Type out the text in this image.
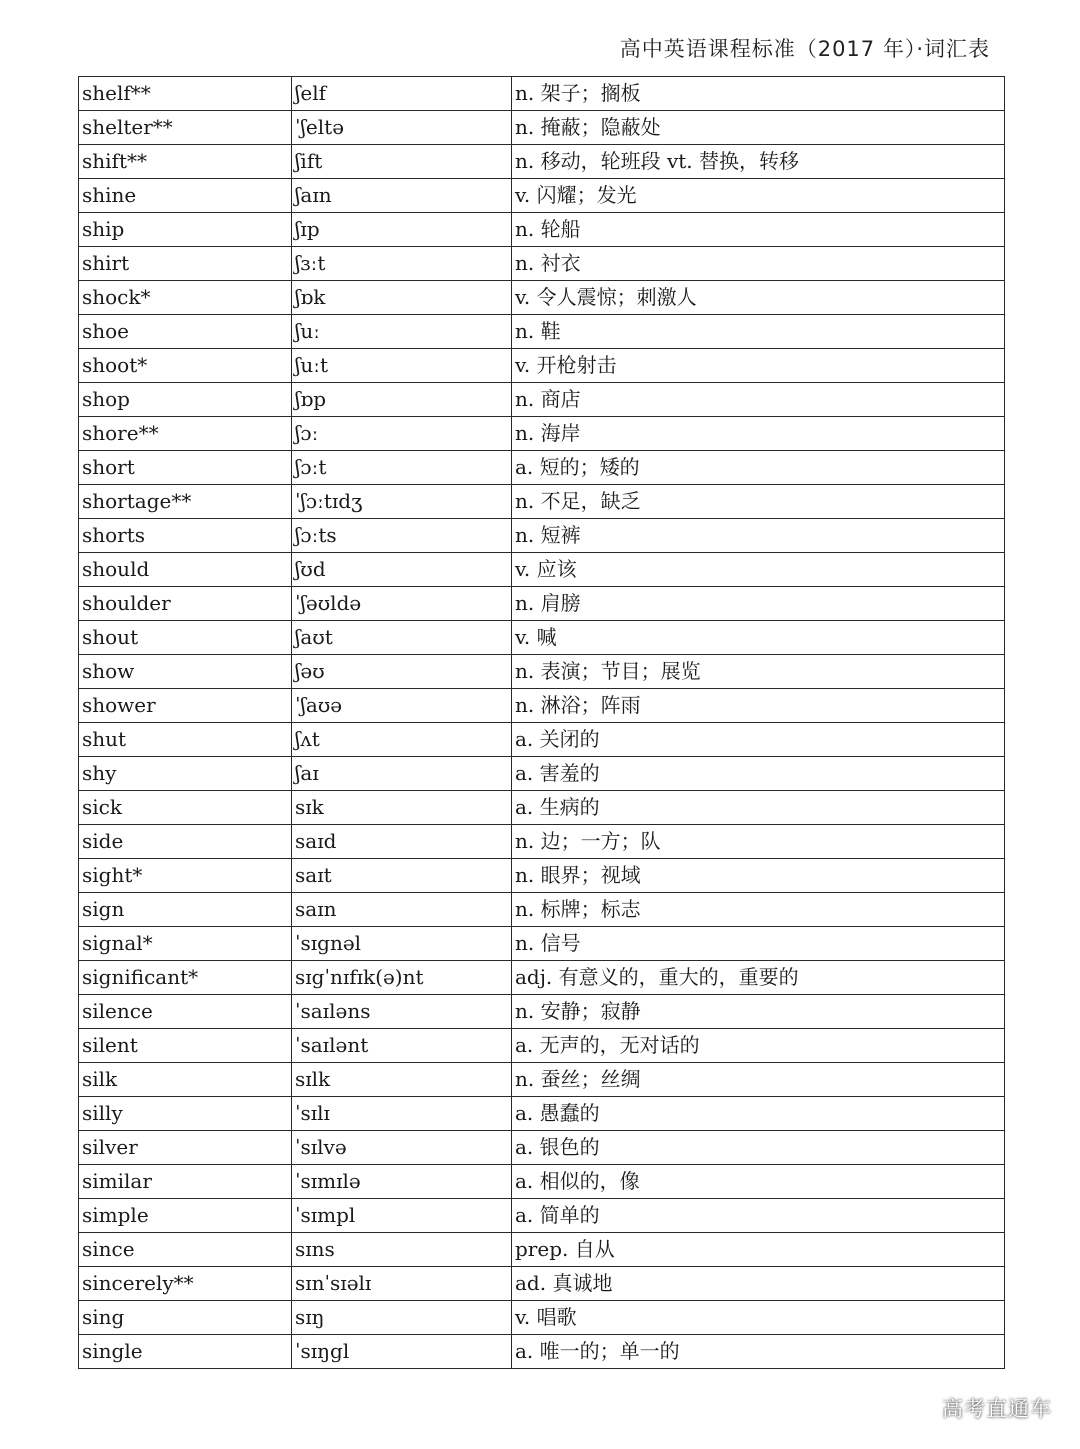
高中英语课程标准（2017 年）·词汇表
shelf**	ʃelf	n. 架子；搁板
shelter**	ˈʃeltə	n. 掩蔽；隐蔽处
shift**	ʃift	n. 移动，轮班段 vt. 替换，转移
shine	ʃaɪn	v. 闪耀；发光
ship	ʃɪp	n. 轮船
shirt	ʃɜːt	n. 衬衣
shock*	ʃɒk	v. 令人震惊；刺激人
shoe	ʃuː	n. 鞋
shoot*	ʃuːt	v. 开枪射击
shop	ʃɒp	n. 商店
shore**	ʃɔː	n. 海岸
short	ʃɔːt	a. 短的；矮的
shortage**	ˈʃɔːtɪdʒ	n. 不足，缺乏
shorts	ʃɔːts	n. 短裤
should	ʃʊd	v. 应该
shoulder	ˈʃəʊldə	n. 肩膀
shout	ʃaʊt	v. 喊
show	ʃəʊ	n. 表演；节目；展览
shower	ˈʃaʊə	n. 淋浴；阵雨
shut	ʃʌt	a. 关闭的
shy	ʃaɪ	a. 害羞的
sick	sɪk	a. 生病的
side	saɪd	n. 边；一方；队
sight*	saɪt	n. 眼界；视域
sign	saɪn	n. 标牌；标志
signal*	ˈsɪgnəl	n. 信号
significant*	sɪgˈnɪfɪk(ə)nt	adj. 有意义的，重大的，重要的
silence	ˈsaɪləns	n. 安静；寂静
silent	ˈsaɪlənt	a. 无声的，无对话的
silk	sɪlk	n. 蚕丝；丝绸
silly	ˈsɪlɪ	a. 愚蠢的
silver	ˈsɪlvə	a. 银色的
similar	ˈsɪmɪlə	a. 相似的，像
simple	ˈsɪmpl	a. 简单的
since	sɪns	prep. 自从
sincerely**	sɪnˈsɪəlɪ	ad. 真诚地
sing	sɪŋ	v. 唱歌
single	ˈsɪŋgl	a. 唯一的；单一的
高考直通车
